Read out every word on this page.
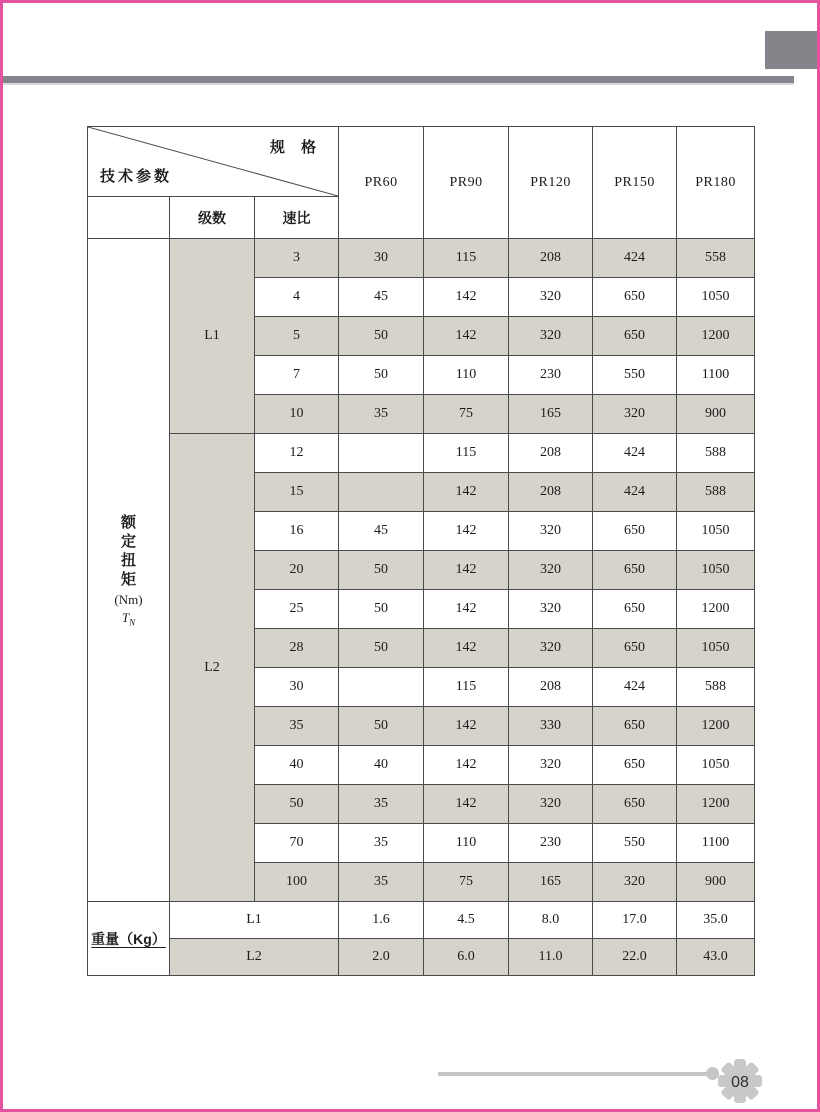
规 格
技术参数			PR60	PR90	PR120	PR150	PR180
	级数	速比					

额
定
扭
矩
(Nm)
$T_N$
	L1	3	30	115	208	424	558
		4	45	142	320	650	1050
		5	50	142	320	650	1200
		7	50	110	230	550	1100
		10	35	75	165	320	900
	L2	12		115	208	424	588
		15		142	208	424	588
		16	45	142	320	650	1050
		20	50	142	320	650	1050
		25	50	142	320	650	1200
		28	50	142	320	650	1050
		30		115	208	424	588
		35	50	142	330	650	1200
		40	40	142	320	650	1050
		50	35	142	320	650	1200
		70	35	110	230	550	1100
		100	35	75	165	320	900
重量（Kg）	L1		1.6	4.5	8.0	17.0	35.0
	L2		2.0	6.0	11.0	22.0	43.0
08
